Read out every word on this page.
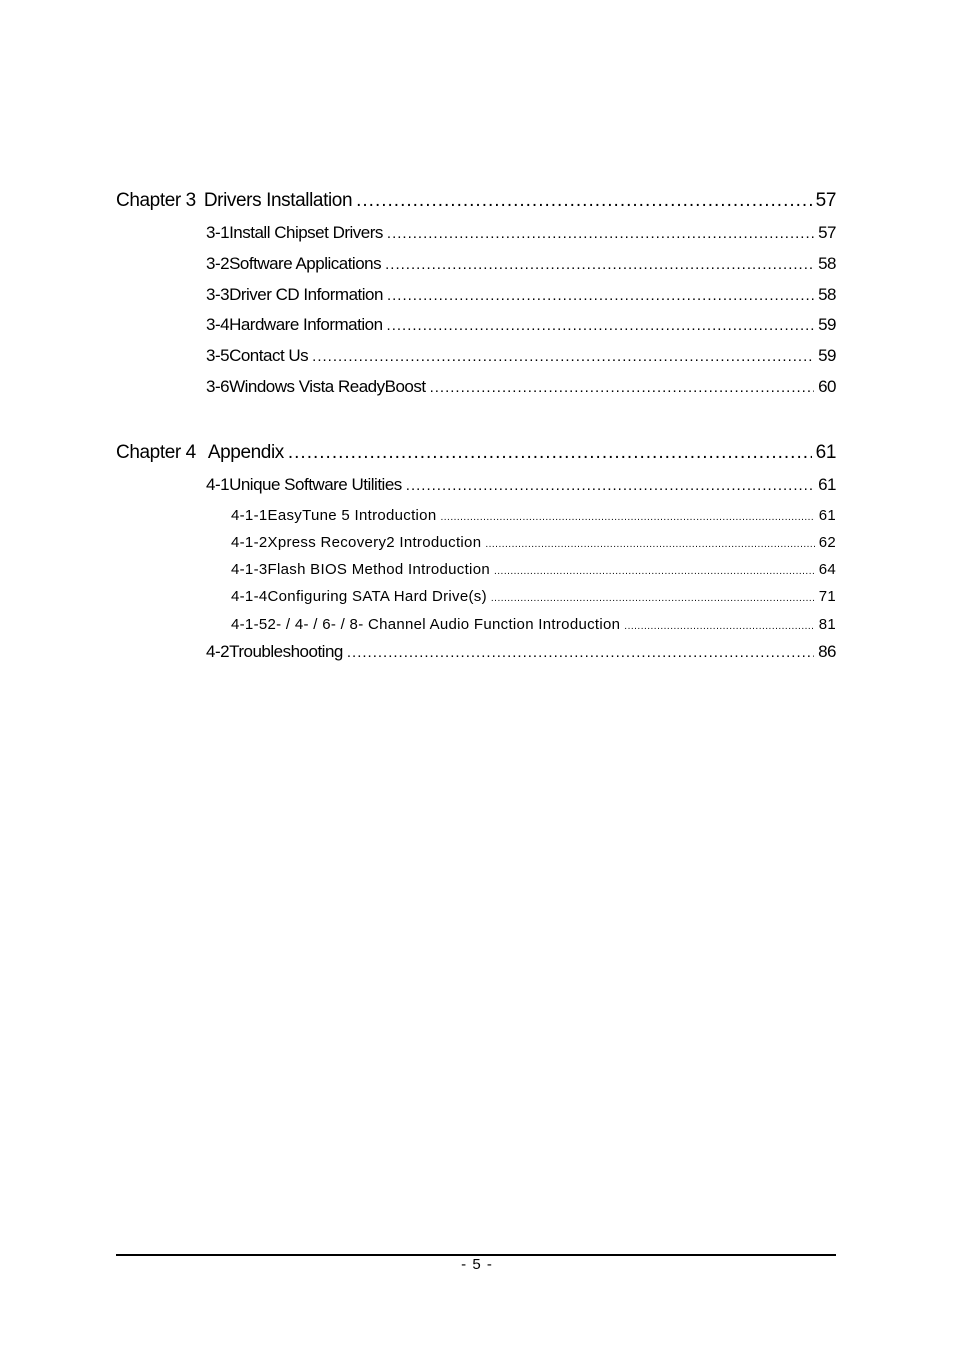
Chapter 3 Drivers Installation .....	57
3-1 Install Chipset Drivers .....	57
3-2 Software Applications .....	58
3-3 Driver CD Information .....	58
3-4 Hardware Information .....	59
3-5 Contact Us .....	59
3-6 Windows Vista ReadyBoost .....	60
Chapter 4 Appendix .....	61
4-1 Unique Software Utilities .....	61
4-1-1 EasyTune 5 Introduction .....	61
4-1-2 Xpress Recovery2 Introduction .....	62
4-1-3 Flash BIOS Method Introduction .....	64
4-1-4 Configuring SATA Hard Drive(s) .....	71
4-1-5 2- / 4- / 6- / 8- Channel Audio Function Introduction .....	81
4-2 Troubleshooting .....	86
- 5 -
